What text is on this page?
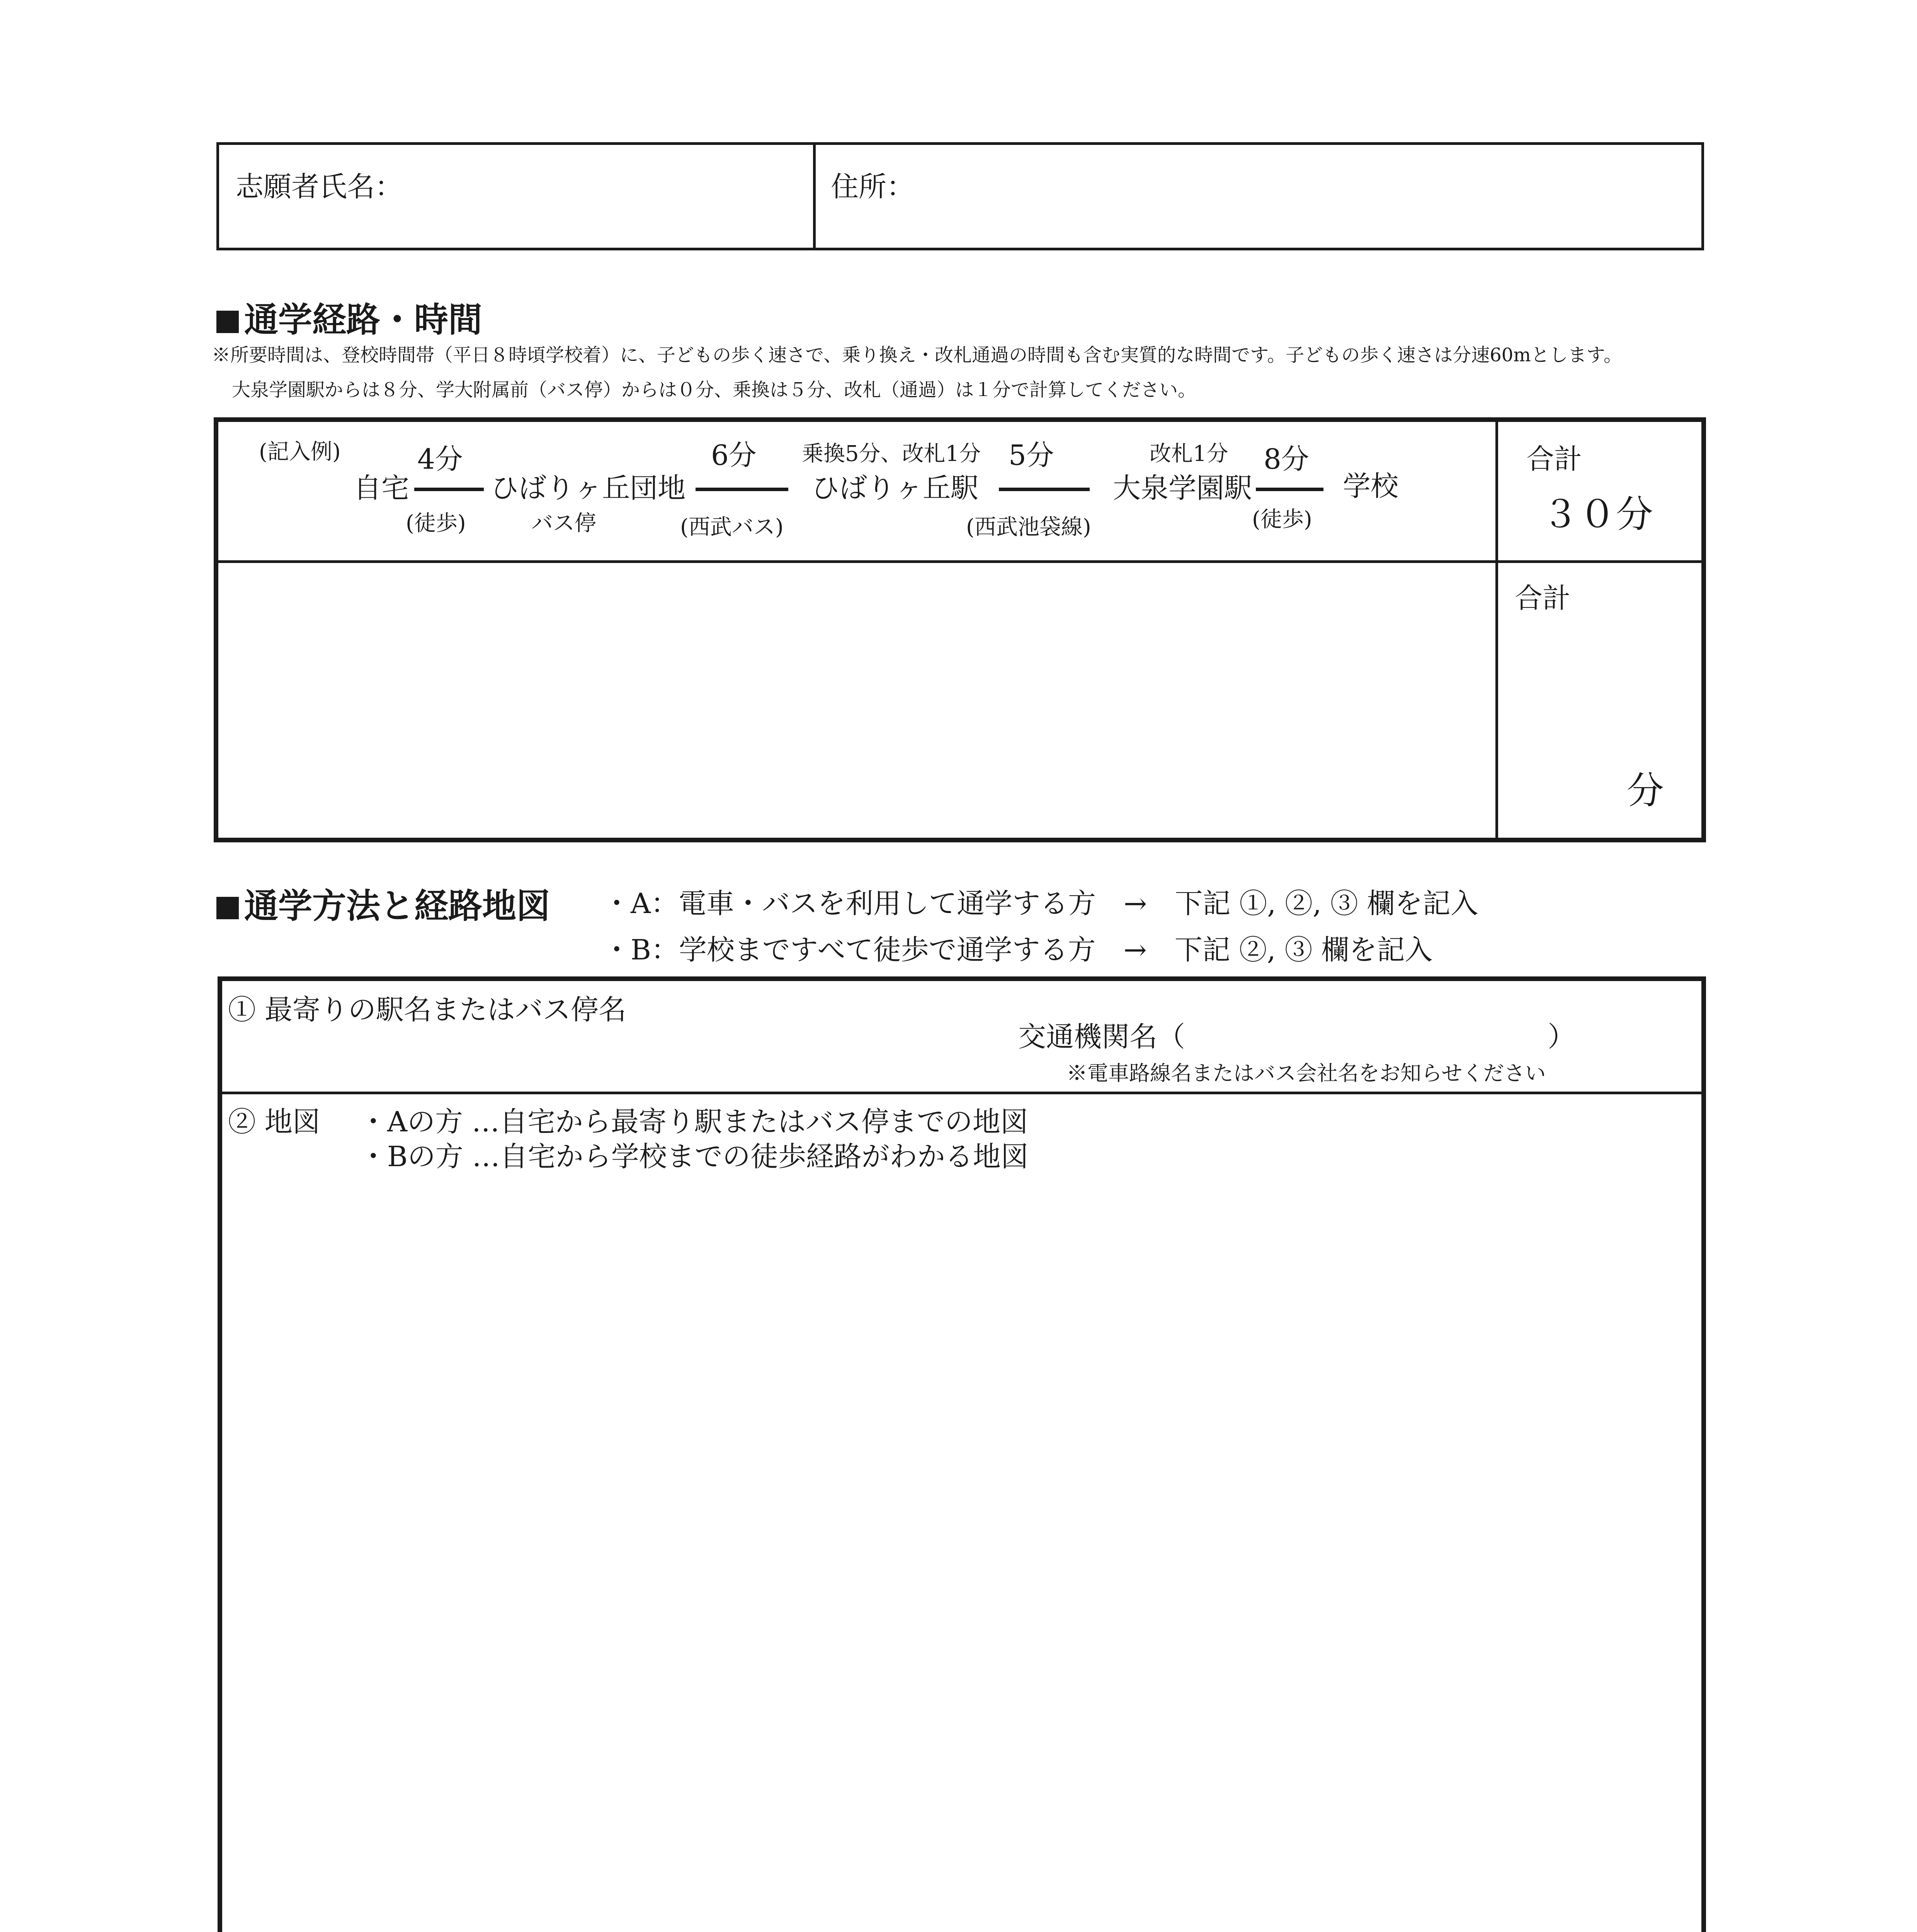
志願者氏名：	住所：
通学経路・時間
※所要時間は、登校時間帯（平日８時頃学校着）に、子どもの歩く速さで、乗り換え・改札通過の時間も含む実質的な時間です。子どもの歩く速さは分速60mとします。
大泉学園駅からは８分、学大附属前（バス停）からは０分、乗換は５分、改札（通過）は１分で計算してください。
(記入例)
自宅
4分
(徒歩)
ひばりヶ丘団地
バス停
6分
(西武バス)
乗換5分、改札1分
ひばりヶ丘駅
5分
(西武池袋線)
改札1分
大泉学園駅
8分
(徒歩)
学校
合計
３０分
合計
分
通学方法と経路地図 ・A：電車・バスを利用して通学する方　→　下記 ①, ②, ③ 欄を記入
・B：学校まですべて徒歩で通学する方　→　下記 ②, ③ 欄を記入
① 最寄りの駅名またはバス停名
交通機関名（	）
※電車路線名またはバス会社名をお知らせください
② 地図 ・Aの方 …自宅から最寄り駅またはバス停までの地図
・Bの方 …自宅から学校までの徒歩経路がわかる地図
